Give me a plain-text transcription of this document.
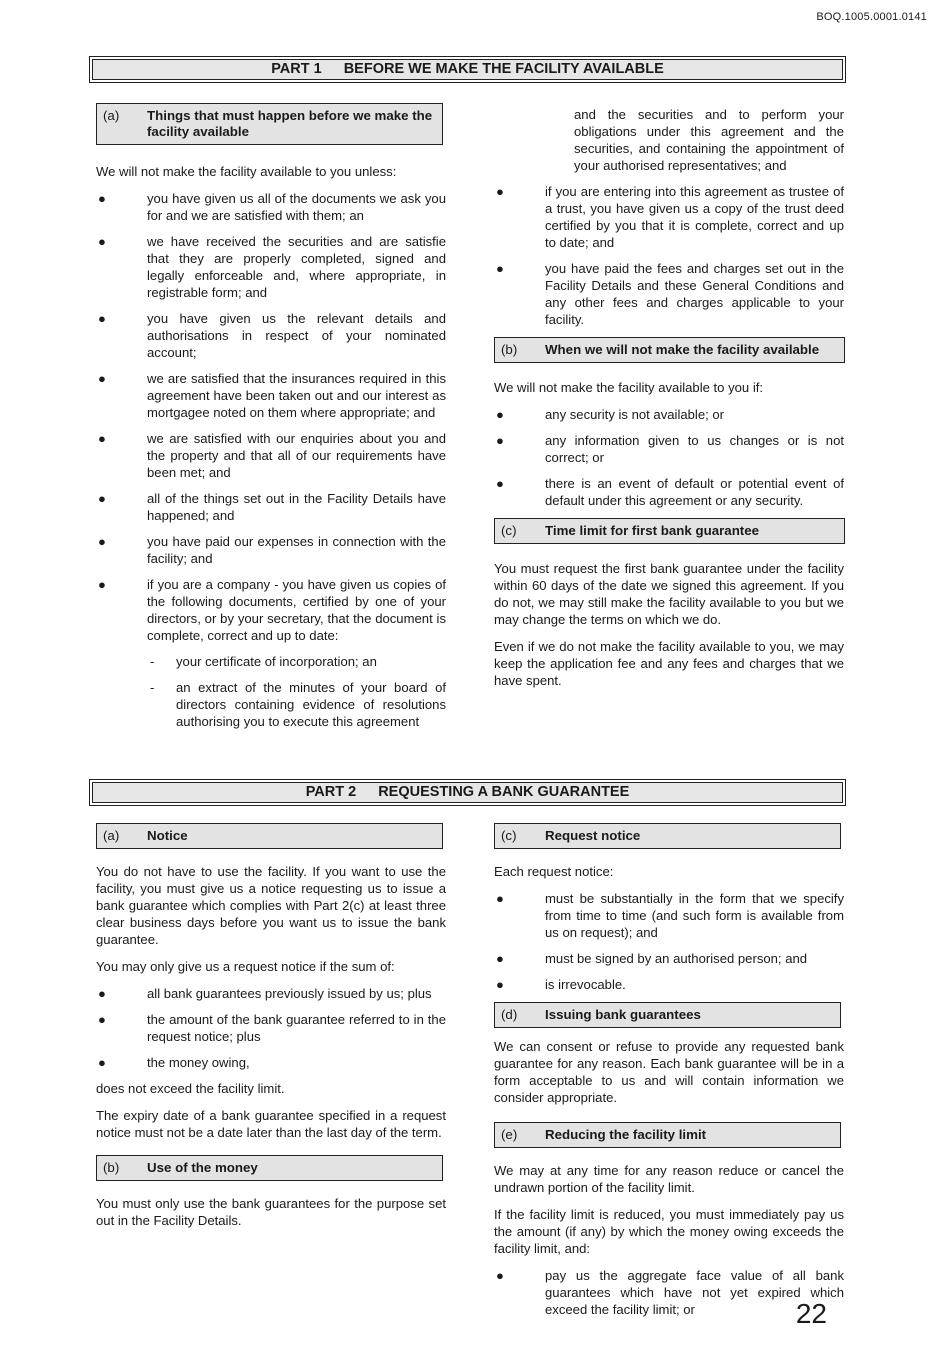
BOQ.1005.0001.0141
PART 1 BEFORE WE MAKE THE FACILITY AVAILABLE
(a)	Things that must happen before we make the facility available

We will not make the facility available to you unless:

●	you have given us all of the documents we ask you for and we are satisfied with them; an
●	we have received the securities and are satisfie that they are properly completed, signed and legally enforceable and, where appropriate, in registrable form; and
●	you have given us the relevant details and authorisations in respect of your nominated account;
●	we are satisfied that the insurances required in this agreement have been taken out and our interest as mortgagee noted on them where appropriate; and
●	we are satisfied with our enquiries about you and the property and that all of our requirements have been met; and
●	all of the things set out in the Facility Details have happened; and
●	you have paid our expenses in connection with the facility; and
●	if you are a company - you have given us copies of the following documents, certified by one of your directors, or by your secretary, that the document is complete, correct and up to date:
- your certificate of incorporation; an
- an extract of the minutes of your board of directors containing evidence of resolutions authorising you to execute this agreement
and the securities and to perform your obligations under this agreement and the securities, and containing the appointment of your authorised representatives; and
●	if you are entering into this agreement as trustee of a trust, you have given us a copy of the trust deed certified by you that it is complete, correct and up to date; and
●	you have paid the fees and charges set out in the Facility Details and these General Conditions and any other fees and charges applicable to your facility.
(b)	When we will not make the facility available

We will not make the facility available to you if:

●	any security is not available; or
●	any information given to us changes or is not correct; or
●	there is an event of default or potential event of default under this agreement or any security.
(c)	Time limit for first bank guarantee

You must request the first bank guarantee under the facility within 60 days of the date we signed this agreement. If you do not, we may still make the facility available to you but we may change the terms on which we do.

Even if we do not make the facility available to you, we may keep the application fee and any fees and charges that we have spent.

PART 2 REQUESTING A BANK GUARANTEE
(a)	Notice

You do not have to use the facility. If you want to use the facility, you must give us a notice requesting us to issue a bank guarantee which complies with Part 2(c) at least three clear business days before you want us to issue the bank guarantee.

You may only give us a request notice if the sum of:

●	all bank guarantees previously issued by us; plus
●	the amount of the bank guarantee referred to in the request notice; plus
●	the money owing,

does not exceed the facility limit.

The expiry date of a bank guarantee specified in a request notice must not be a date later than the last day of the term.

(b)	Use of the money

You must only use the bank guarantees for the purpose set out in the Facility Details.

(c)	Request notice

Each request notice:

●	must be substantially in the form that we specify from time to time (and such form is available from us on request); and
●	must be signed by an authorised person; and
●	is irrevocable.
(d)	Issuing bank guarantees

We can consent or refuse to provide any requested bank guarantee for any reason. Each bank guarantee will be in a form acceptable to us and will contain information we consider appropriate.

(e)	Reducing the facility limit

We may at any time for any reason reduce or cancel the undrawn portion of the facility limit.

If the facility limit is reduced, you must immediately pay us the amount (if any) by which the money owing exceeds the facility limit, and:

●	pay us the aggregate face value of all bank guarantees which have not yet expired which exceed the facility limit; or	22
